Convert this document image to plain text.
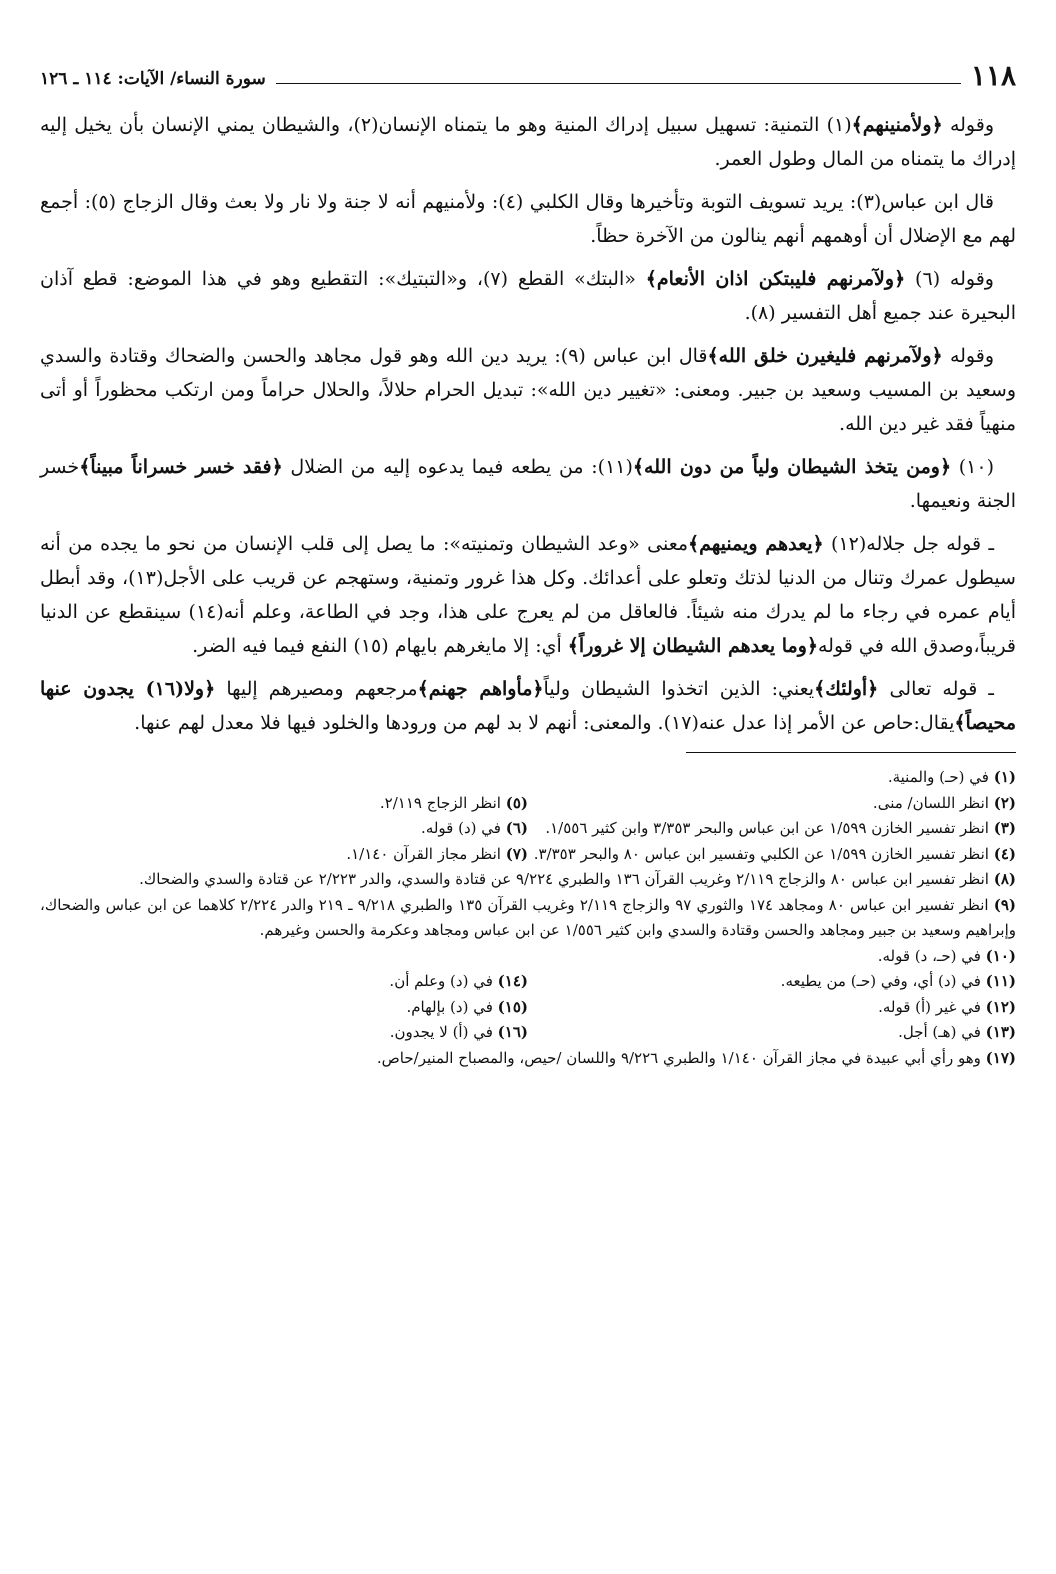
١١٨
سورة النساء/ الآيات: ١١٤ ـ ١٢٦

وقوله ﴿ولأمنينهم﴾(١) التمنية: تسهيل سبيل إدراك المنية وهو ما يتمناه الإنسان(٢)، والشيطان يمني الإنسان بأن يخيل إليه إدراك ما يتمناه من المال وطول العمر.

قال ابن عباس(٣): يريد تسويف التوبة وتأخيرها وقال الكلبي (٤): ولأمنيهم أنه لا جنة ولا نار ولا بعث وقال الزجاج (٥): أجمع لهم مع الإضلال أن أوهمهم أنهم ينالون من الآخرة حظاً.

وقوله (٦) ﴿ولآمرنهم فليبتكن اذان الأنعام﴾ «البتك» القطع (٧)، و«التبتيك»: التقطيع وهو في هذا الموضع: قطع آذان البحيرة عند جميع أهل التفسير (٨).

وقوله ﴿ولآمرنهم فليغيرن خلق الله﴾قال ابن عباس (٩): يريد دين الله وهو قول مجاهد والحسن والضحاك وقتادة والسدي وسعيد بن المسيب وسعيد بن جبير. ومعنى: «تغيير دين الله»: تبديل الحرام حلالاً، والحلال حراماً ومن ارتكب محظوراً أو أتى منهياً فقد غير دين الله.

(١٠) ﴿ومن يتخذ الشيطان ولياً من دون الله﴾(١١): من يطعه فيما يدعوه إليه من الضلال ﴿فقد خسر خسراناً مبيناً﴾خسر الجنة ونعيمها.

ـ قوله جل جلاله(١٢) ﴿يعدهم ويمنيهم﴾معنى «وعد الشيطان وتمنيته»: ما يصل إلى قلب الإنسان من نحو ما يجده من أنه سيطول عمرك وتنال من الدنيا لذتك وتعلو على أعدائك. وكل هذا غرور وتمنية، وستهجم عن قريب على الأجل(١٣)، وقد أبطل أيام عمره في رجاء ما لم يدرك منه شيئاً. فالعاقل من لم يعرج على هذا، وجد في الطاعة، وعلم أنه(١٤) سينقطع عن الدنيا قريباً،وصدق الله في قوله﴿وما يعدهم الشيطان إلا غروراً﴾ أي: إلا مايغرهم بايهام (١٥) النفع فيما فيه الضر.

ـ قوله تعالى ﴿أولئك﴾يعني: الذين اتخذوا الشيطان ولياً﴿مأواهم جهنم﴾مرجعهم ومصيرهم إليها ﴿ولا(١٦) يجدون عنها محيصاً﴾يقال:حاص عن الأمر إذا عدل عنه(١٧). والمعنى: أنهم لا بد لهم من ورودها والخلود فيها فلا معدل لهم عنها.

(١) في (حـ) والمنية.
(٢) انظر اللسان/ منى.
(٥) انظر الزجاج ٢/١١٩.
(٣) انظر تفسير الخازن ١/٥٩٩ عن ابن عباس والبحر ٣/٣٥٣ وابن كثير ١/٥٥٦.
(٦) في (د) قوله.
(٤) انظر تفسير الخازن ١/٥٩٩ عن الكلبي وتفسير ابن عباس ٨٠ والبحر ٣/٣٥٣.
(٧) انظر مجاز القرآن ١/١٤٠.
(٨) انظر تفسير ابن عباس ٨٠ والزجاج ٢/١١٩ وغريب القرآن ١٣٦ والطبري ٩/٢٢٤ عن قتادة والسدي، والدر ٢/٢٢٣ عن قتادة والسدي والضحاك.
(٩) انظر تفسير ابن عباس ٨٠ ومجاهد ١٧٤ والثوري ٩٧ والزجاج ٢/١١٩ وغريب القرآن ١٣٥ والطبري ٩/٢١٨ ـ ٢١٩ والدر ٢/٢٢٤ كلاهما عن ابن عباس والضحاك، وإبراهيم وسعيد بن جبير ومجاهد والحسن وقتادة والسدي وابن كثير ١/٥٥٦ عن ابن عباس ومجاهد وعكرمة والحسن وغيرهم.
(١٠) في (حـ، د) قوله.
(١١) في (د) أي، وفي (حـ) من يطيعه.
(١٤) في (د) وعلم أن.
(١٢) في غير (أ) قوله.
(١٥) في (د) بإلهام.
(١٣) في (هـ) أجل.
(١٦) في (أ) لا يجدون.
(١٧) وهو رأي أبي عبيدة في مجاز القرآن ١/١٤٠ والطبري ٩/٢٢٦ واللسان /حيص، والمصباح المنير/حاص.
